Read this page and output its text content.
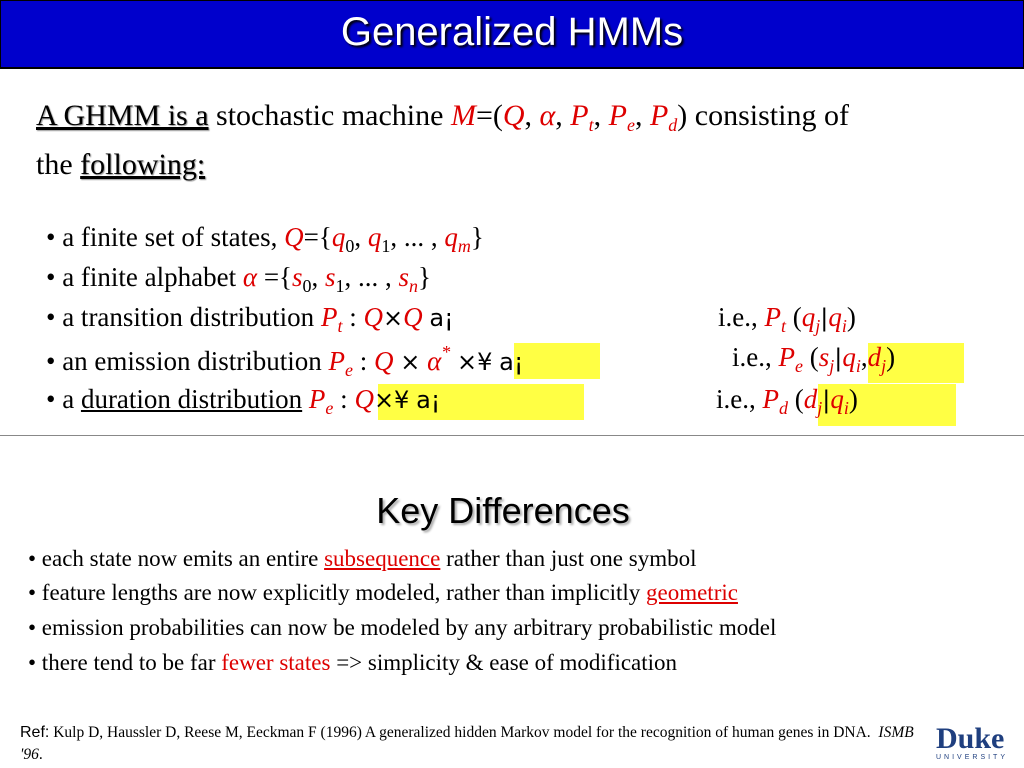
Generalized HMMs
A GHMM is a stochastic machine M=(Q, α, $P_t$, $P_e$, $P_d$) consisting of
the following:
• a finite set of states, $Q=\{q_0$, $q_1$, ... , $q_m$}
• a finite alphabet $\alpha =\{s_0$, $s_1$, ... , $s_n$}
• a transition distribution $P_t$ : Q×Q a¡	i.e., $P_t$ $(q_j|q_i)$
• an emission distribution $P_e$ : Q × α* ×¥ a¡	i.e., $P_e$ $(s_j|q_i,d_j)$
• a duration distribution $P_e$ : Q×¥ a¡	i.e., $P_d$ $(d_j|q_i)$
Key Differences
• each state now emits an entire subsequence rather than just one symbol
• feature lengths are now explicitly modeled, rather than implicitly geometric
• emission probabilities can now be modeled by any arbitrary probabilistic model
• there tend to be far fewer states => simplicity & ease of modification
Ref: Kulp D, Haussler D, Reese M, Eeckman F (1996) A generalized hidden Markov model for the recognition of human genes in DNA. ISMB '96.	Duke
UNIVERSITY
